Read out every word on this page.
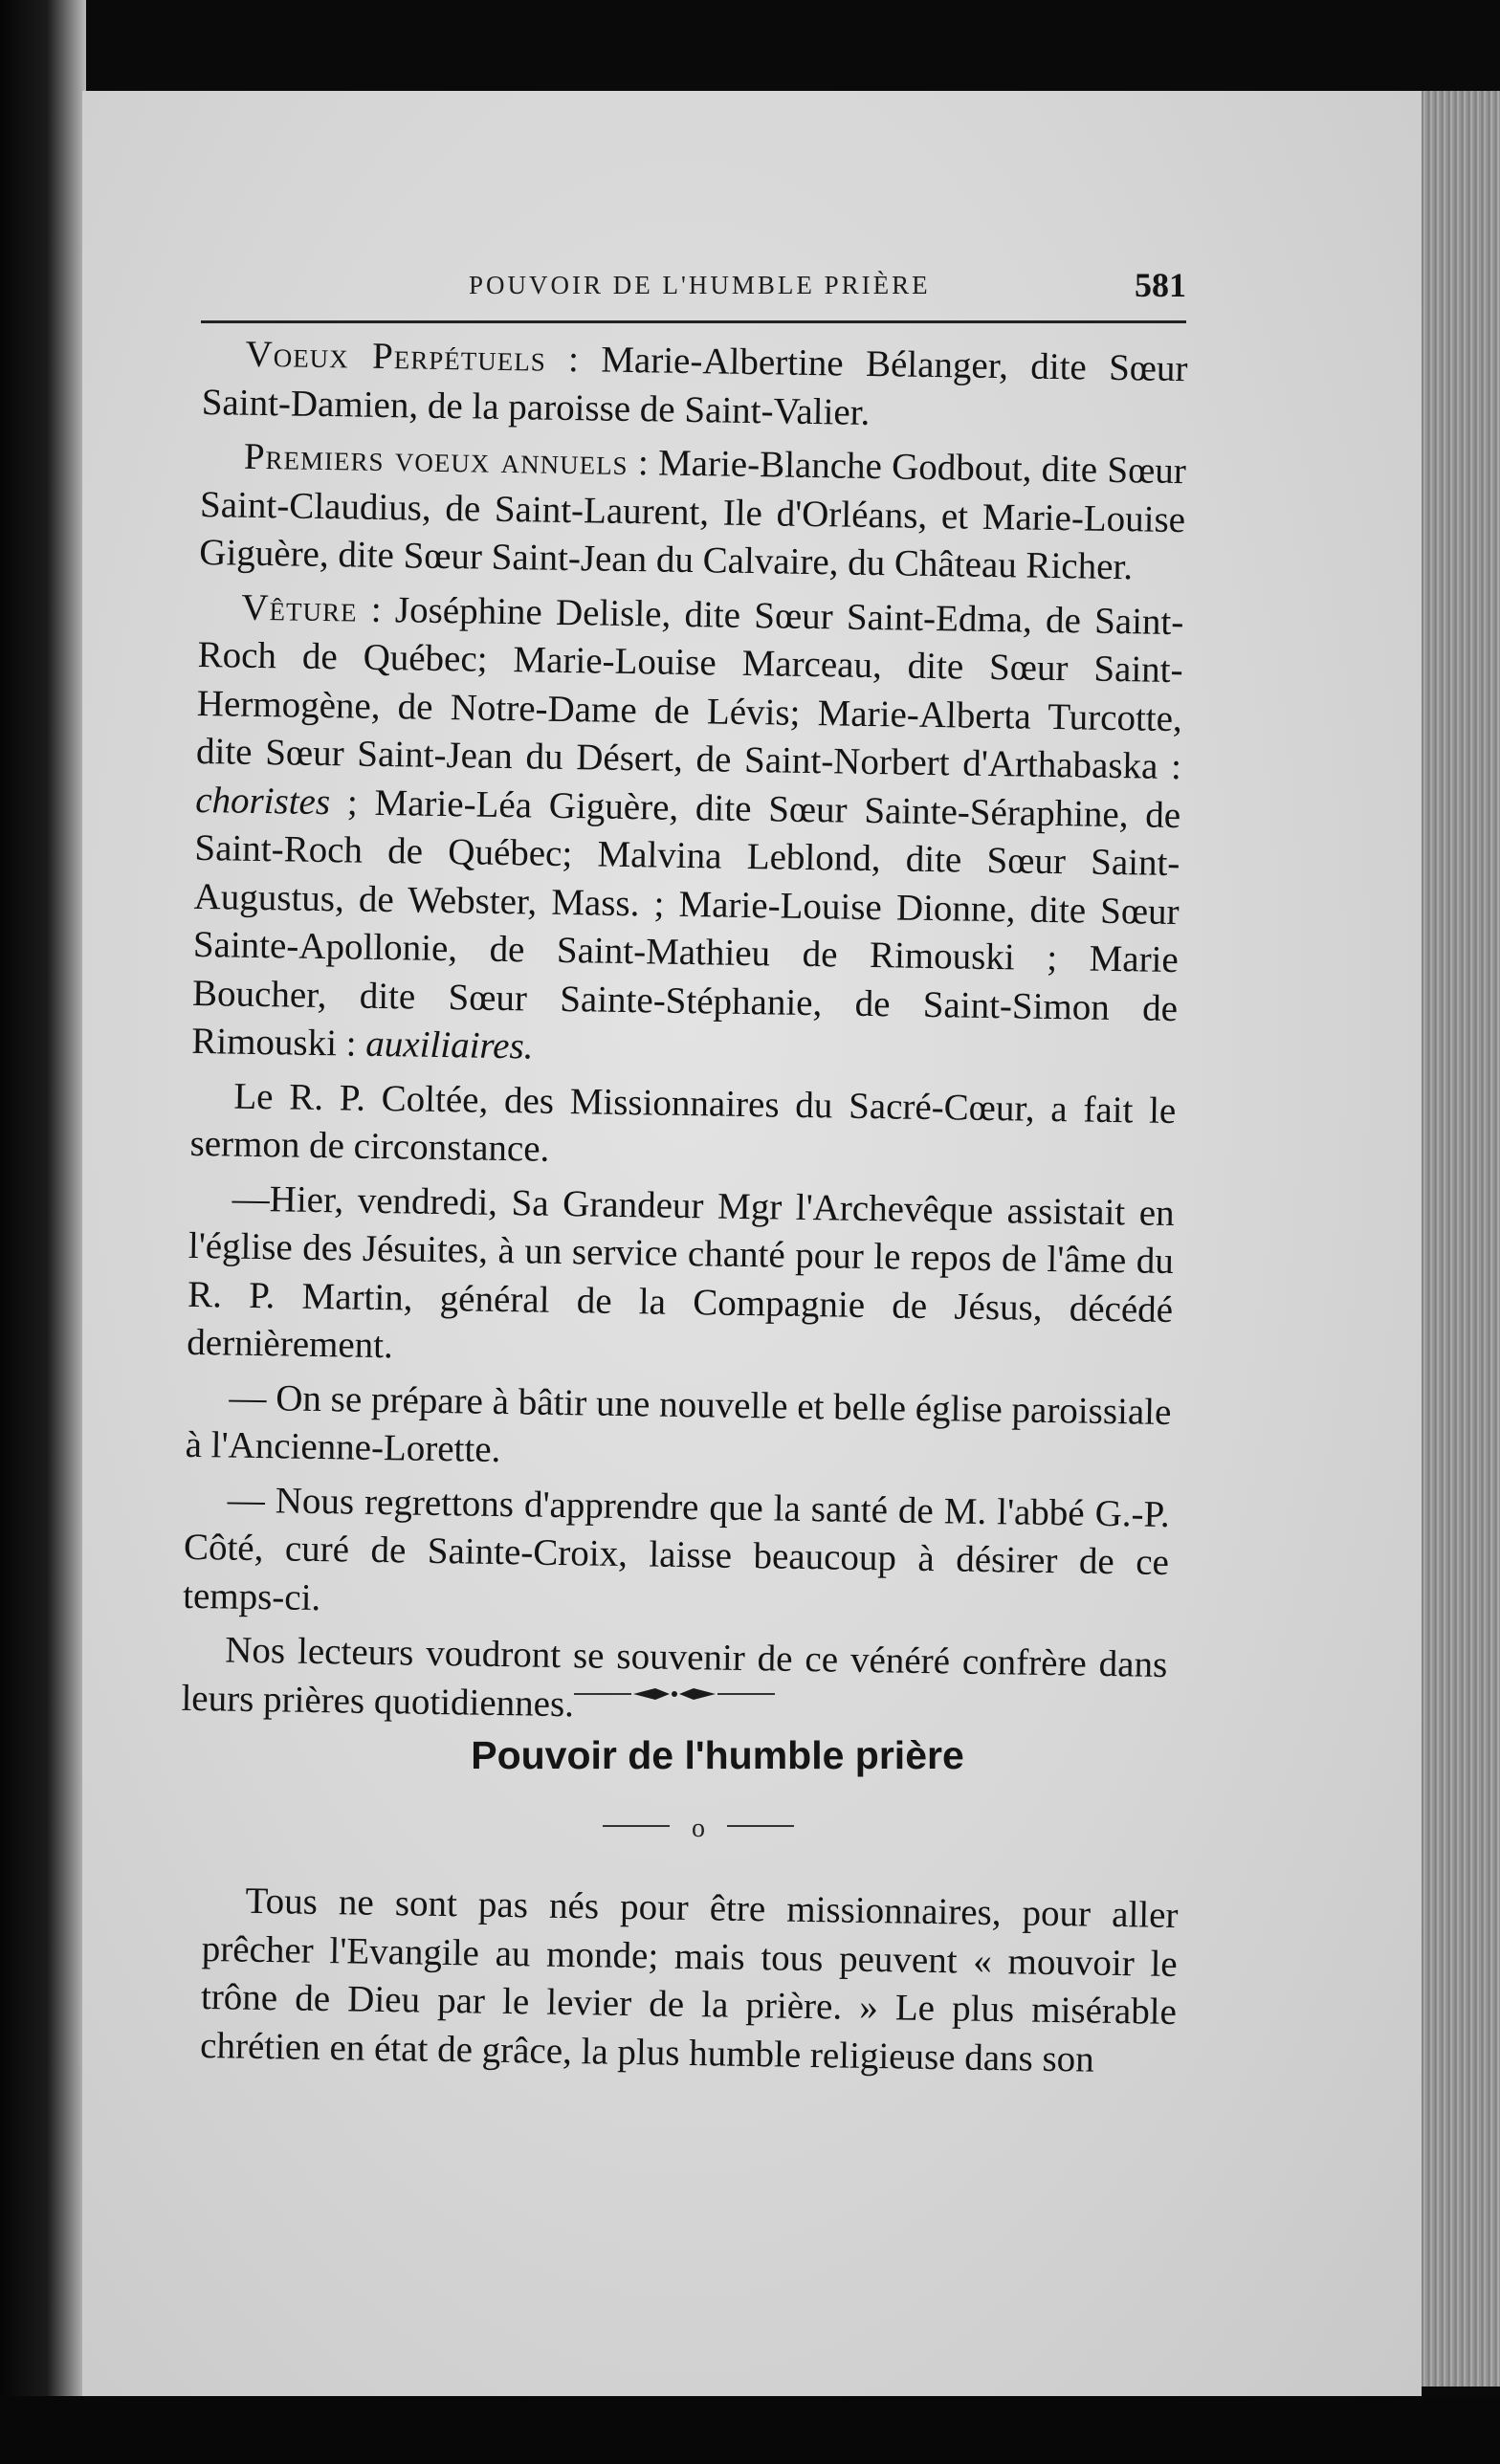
POUVOIR DE L'HUMBLE PRIÈRE	581

Voeux Perpétuels : Marie-Albertine Bélanger, dite Sœur Saint-Damien, de la paroisse de Saint-Valier.

Premiers voeux annuels : Marie-Blanche Godbout, dite Sœur Saint-Claudius, de Saint-Laurent, Ile d'Orléans, et Marie-Louise Giguère, dite Sœur Saint-Jean du Calvaire, du Château Richer.

Vêture : Joséphine Delisle, dite Sœur Saint-Edma, de Saint-Roch de Québec; Marie-Louise Marceau, dite Sœur Saint-Hermogène, de Notre-Dame de Lévis; Marie-Alberta Turcotte, dite Sœur Saint-Jean du Désert, de Saint-Norbert d'Arthabaska : choristes ; Marie-Léa Giguère, dite Sœur Sainte-Séraphine, de Saint-Roch de Québec; Malvina Leblond, dite Sœur Saint-Augustus, de Webster, Mass. ; Marie-Louise Dionne, dite Sœur Sainte-Apollonie, de Saint-Mathieu de Rimouski ; Marie Boucher, dite Sœur Sainte-Stéphanie, de Saint-Simon de Rimouski : auxiliaires.

Le R. P. Coltée, des Missionnaires du Sacré-Cœur, a fait le sermon de circonstance.

—Hier, vendredi, Sa Grandeur Mgr l'Archevêque assistait en l'église des Jésuites, à un service chanté pour le repos de l'âme du R. P. Martin, général de la Compagnie de Jésus, décédé dernièrement.

— On se prépare à bâtir une nouvelle et belle église paroissiale à l'Ancienne-Lorette.

— Nous regrettons d'apprendre que la santé de M. l'abbé G.-P. Côté, curé de Sainte-Croix, laisse beaucoup à désirer de ce temps-ci.

Nos lecteurs voudront se souvenir de ce vénéré confrère dans leurs prières quotidiennes.

Pouvoir de l'humble prière
o

Tous ne sont pas nés pour être missionnaires, pour aller prêcher l'Evangile au monde; mais tous peuvent « mouvoir le trône de Dieu par le levier de la prière. » Le plus misérable chrétien en état de grâce, la plus humble religieuse dans son
